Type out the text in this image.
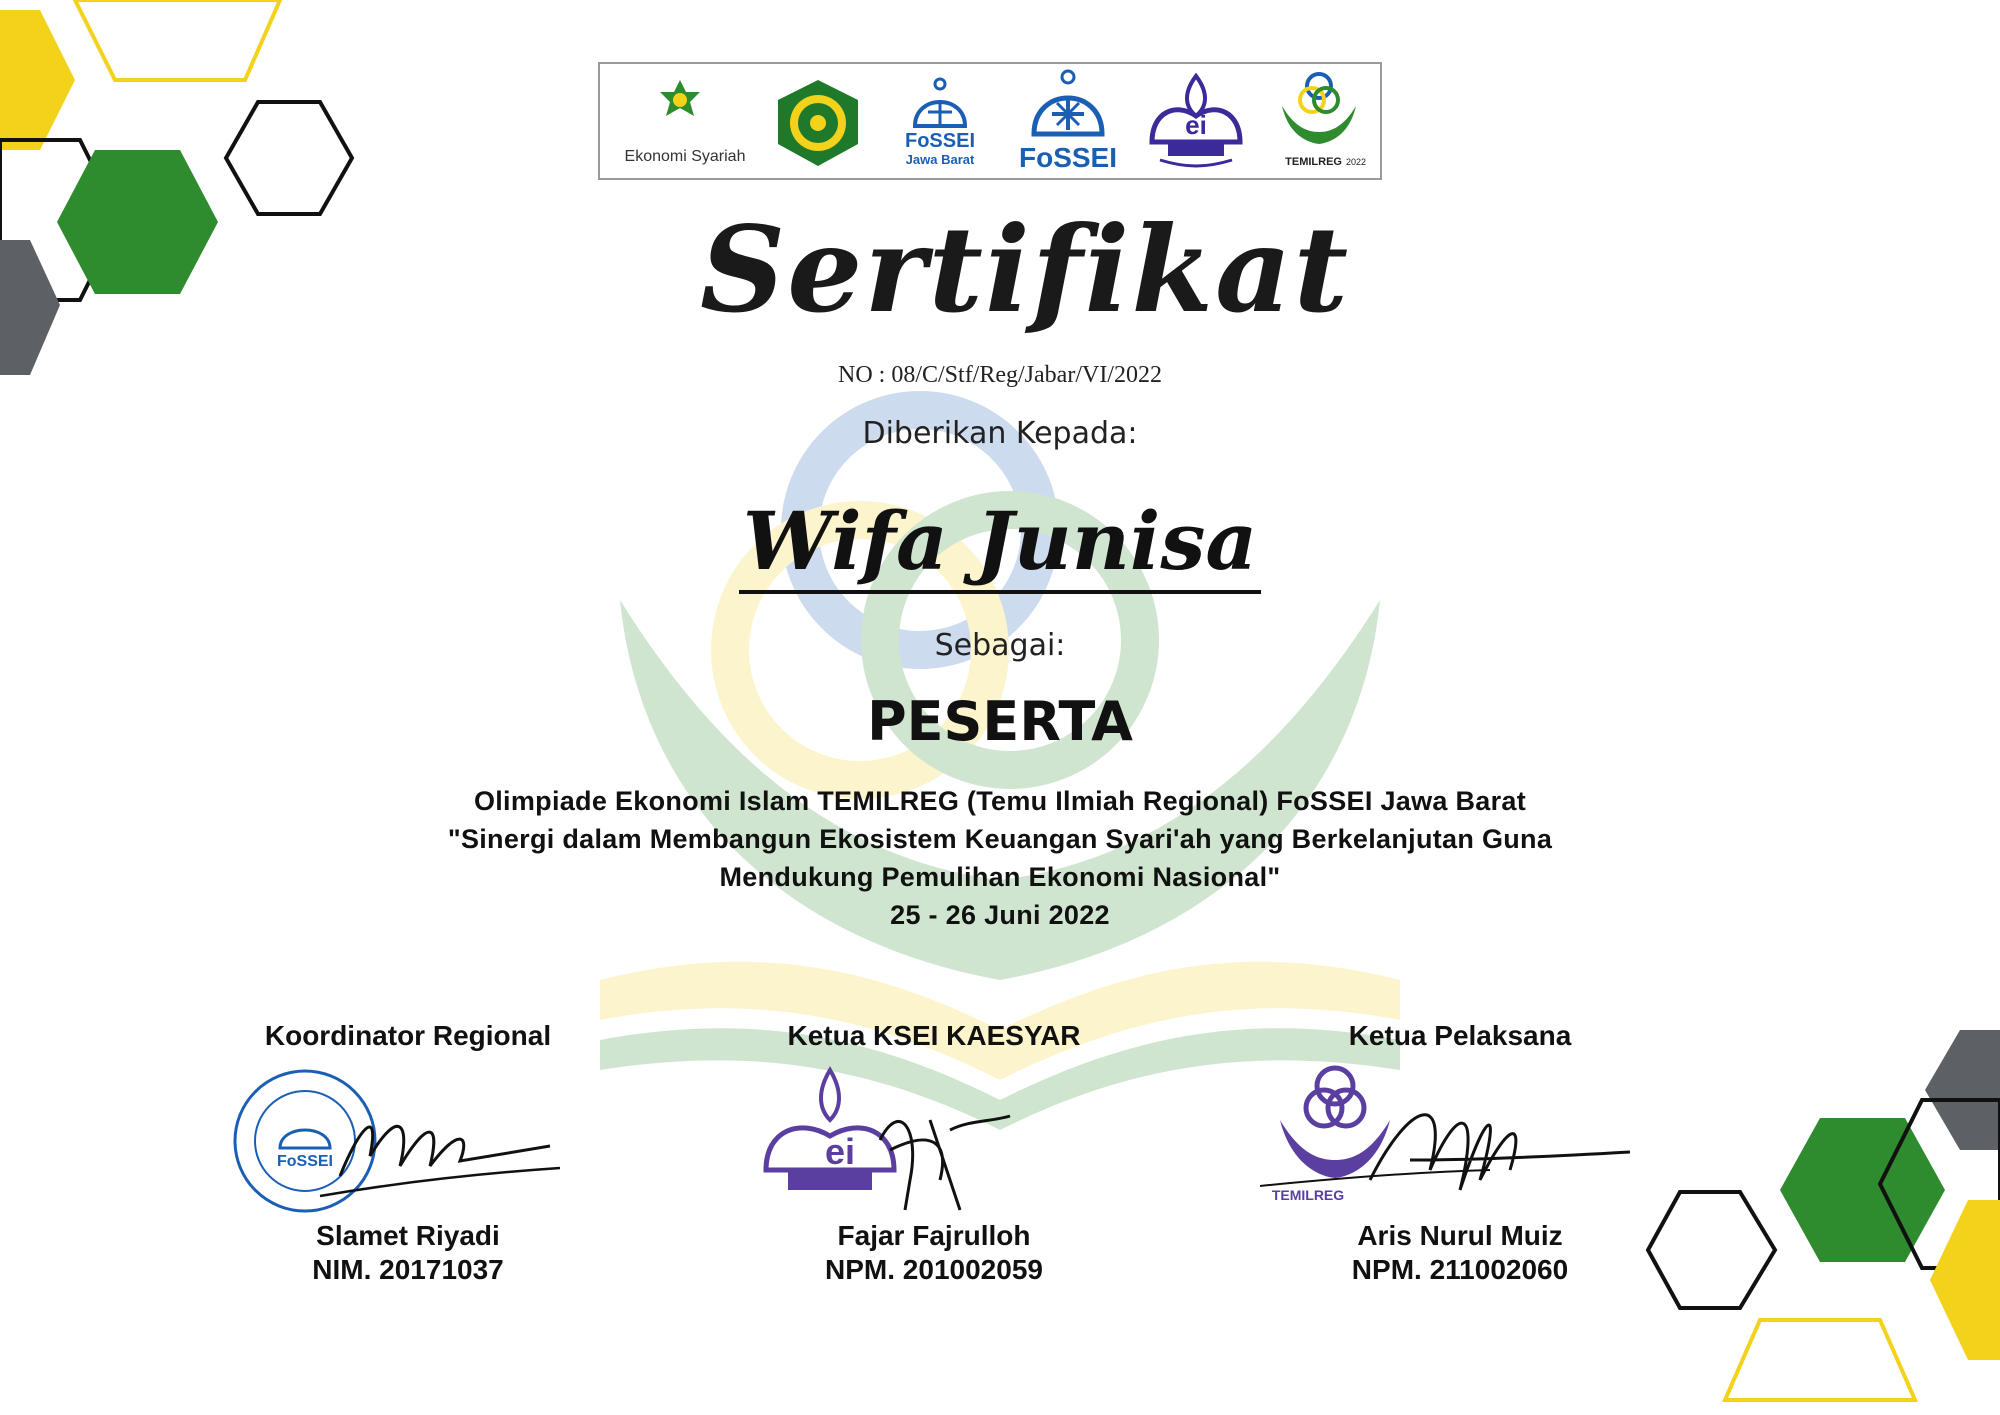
Ekonomi Syariah
FoSSEI
Jawa Barat	FoSSEI
ei
TEMILREG 2022
Sertifikat
NO : 08/C/Stf/Reg/Jabar/VI/2022
Diberikan Kepada:
Wifa Junisa
Sebagai:
PESERTA
Olimpiade Ekonomi Islam TEMILREG (Temu Ilmiah Regional) FoSSEI Jawa Barat
"Sinergi dalam Membangun Ekosistem Keuangan Syari'ah yang Berkelanjutan Guna
Mendukung Pemulihan Ekonomi Nasional"
25 - 26 Juni 2022
Koordinator Regional
FoSSEI
Slamet Riyadi
NIM. 20171037
Ketua KSEI KAESYAR
ei
Fajar Fajrulloh
NPM. 201002059
Ketua Pelaksana
TEMILREG
Aris Nurul Muiz
NPM. 211002060
